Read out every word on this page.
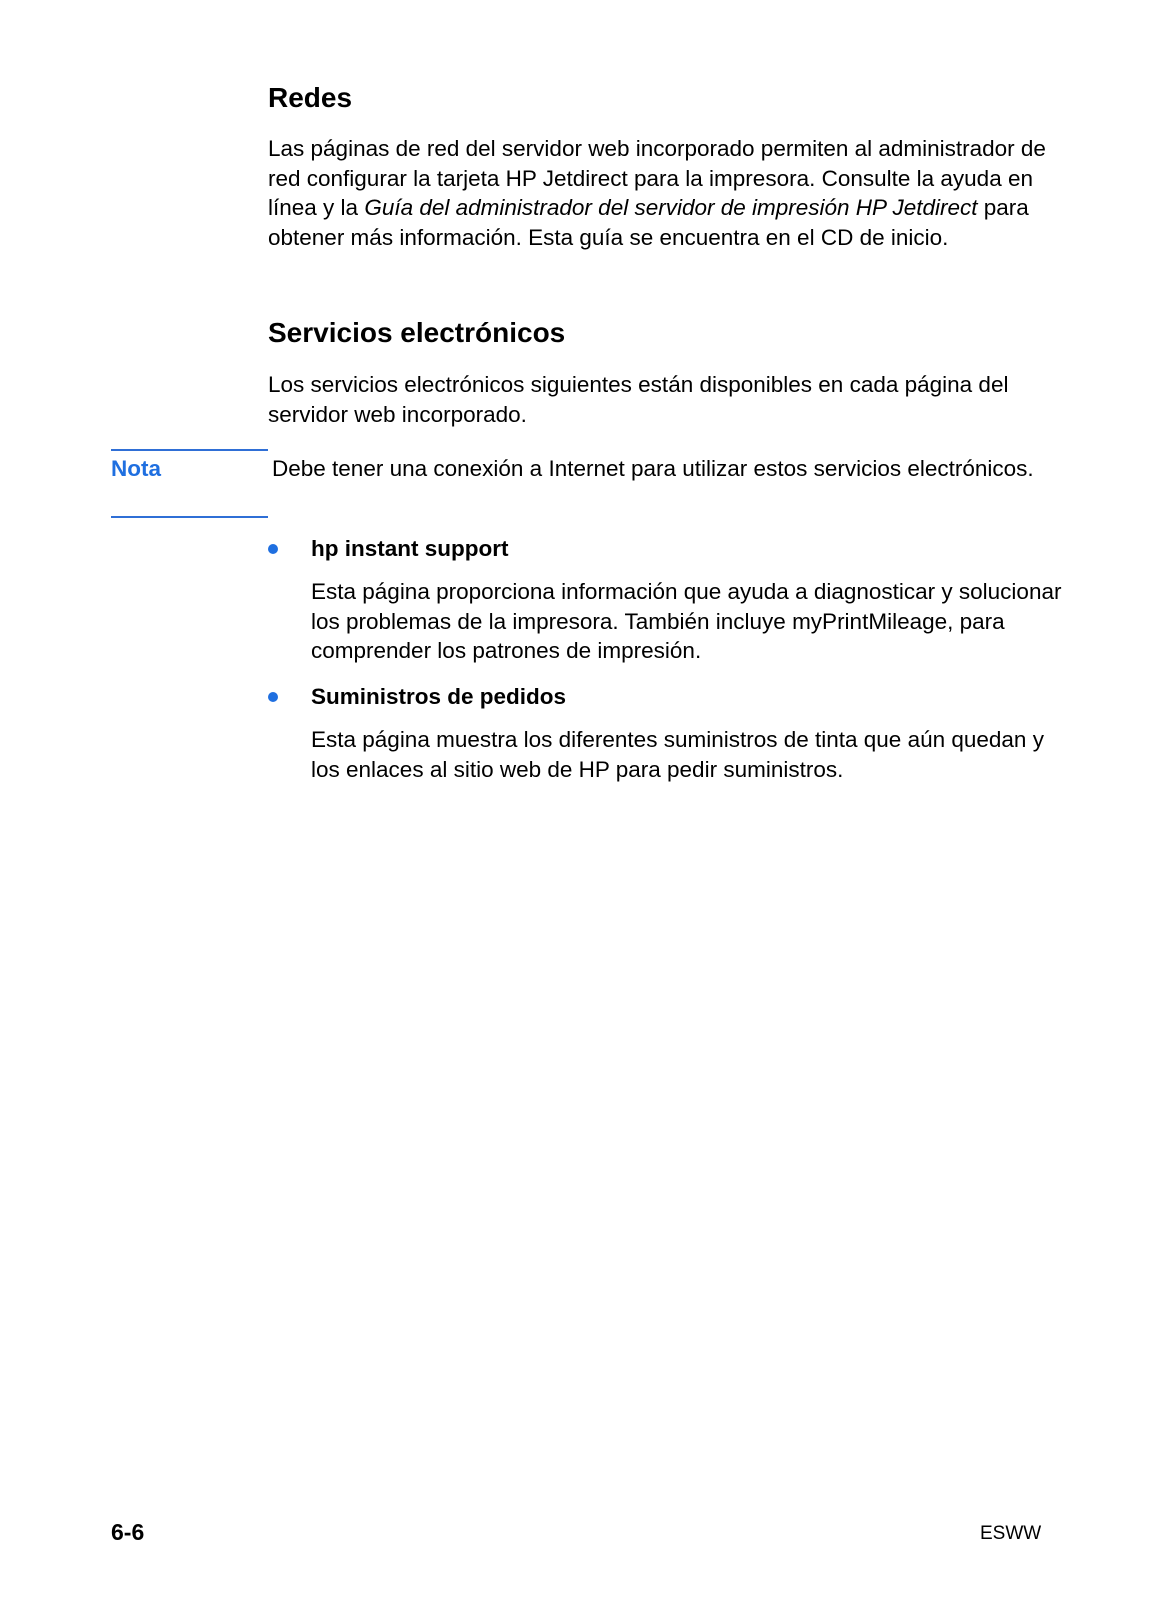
Redes

Las páginas de red del servidor web incorporado permiten al administrador de red configurar la tarjeta HP Jetdirect para la impresora. Consulte la ayuda en línea y la Guía del administrador del servidor de impresión HP Jetdirect para obtener más información. Esta guía se encuentra en el CD de inicio.

Servicios electrónicos

Los servicios electrónicos siguientes están disponibles en cada página del servidor web incorporado.

Nota	Debe tener una conexión a Internet para utilizar estos servicios electrónicos.

hp instant support

Esta página proporciona información que ayuda a diagnosticar y solucionar los problemas de la impresora. También incluye myPrintMileage, para comprender los patrones de impresión.

Suministros de pedidos

Esta página muestra los diferentes suministros de tinta que aún quedan y los enlaces al sitio web de HP para pedir suministros.

6-6	ESWW
